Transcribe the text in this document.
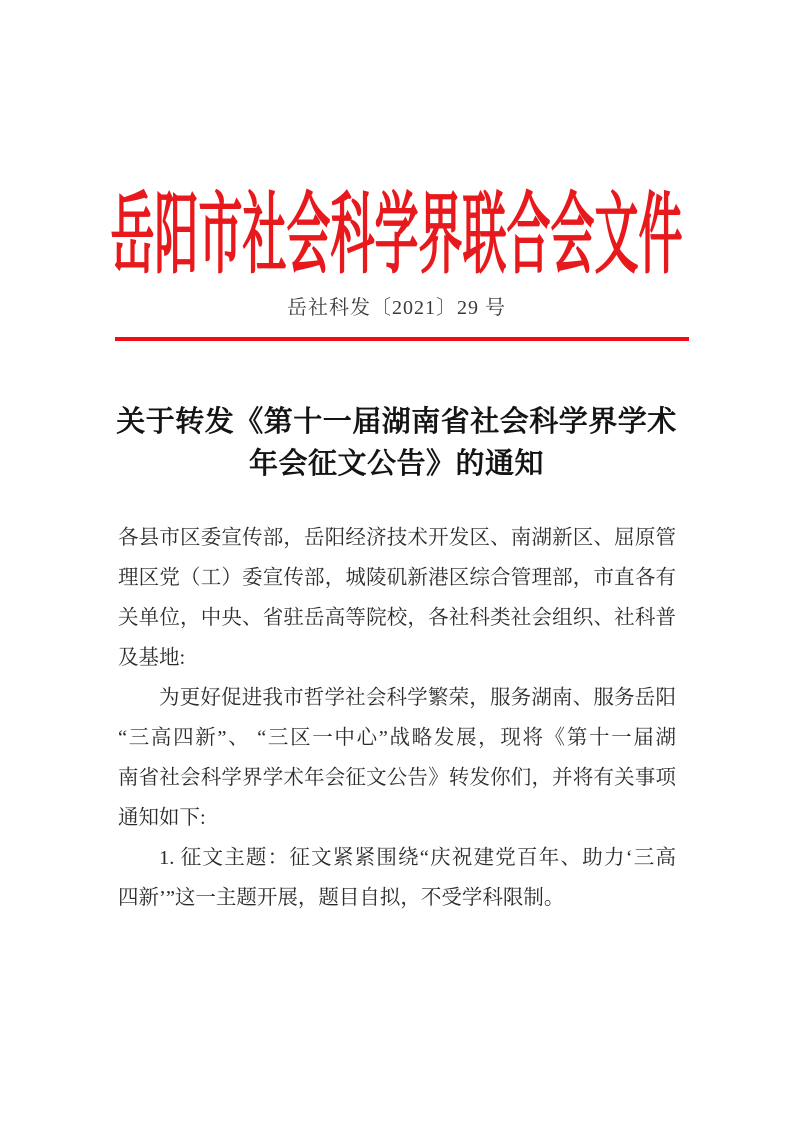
岳阳市社会科学界联合会文件
岳社科发〔2021〕29 号
关于转发《第十一届湖南省社会科学界学术
年会征文公告》的通知
各县市区委宣传部，岳阳经济技术开发区、南湖新区、屈原管
理区党（工）委宣传部，城陵矶新港区综合管理部，市直各有
关单位，中央、省驻岳高等院校，各社科类社会组织、社科普
及基地:
为更好促进我市哲学社会科学繁荣，服务湖南、服务岳阳
“三高四新”、 “三区一中心”战略发展，现将《第十一届湖
南省社会科学界学术年会征文公告》转发你们，并将有关事项
通知如下:
1. 征文主题：征文紧紧围绕“庆祝建党百年、助力‘三高
四新’”这一主题开展，题目自拟，不受学科限制。
